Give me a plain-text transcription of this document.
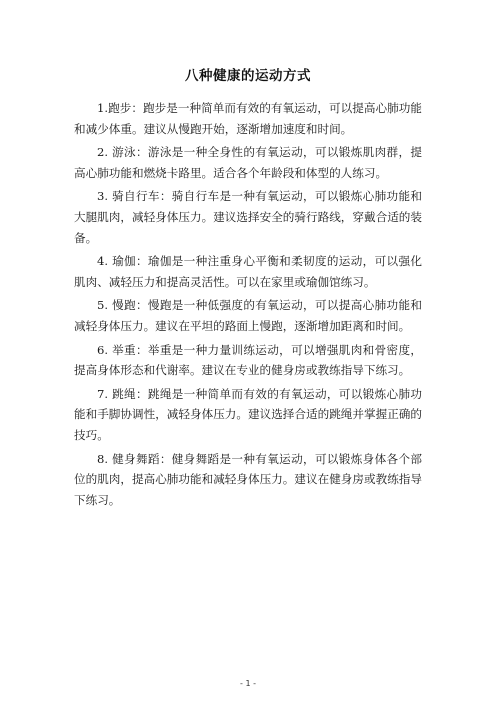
八种健康的运动方式

1.跑步：跑步是一种简单而有效的有氧运动，可以提高心肺功能和减少体重。建议从慢跑开始，逐渐增加速度和时间。

2. 游泳：游泳是一种全身性的有氧运动，可以锻炼肌肉群，提高心肺功能和燃烧卡路里。适合各个年龄段和体型的人练习。

3. 骑自行车：骑自行车是一种有氧运动，可以锻炼心肺功能和大腿肌肉，减轻身体压力。建议选择安全的骑行路线，穿戴合适的装备。

4. 瑜伽：瑜伽是一种注重身心平衡和柔韧度的运动，可以强化肌肉、减轻压力和提高灵活性。可以在家里或瑜伽馆练习。

5. 慢跑：慢跑是一种低强度的有氧运动，可以提高心肺功能和减轻身体压力。建议在平坦的路面上慢跑，逐渐增加距离和时间。

6. 举重：举重是一种力量训练运动，可以增强肌肉和骨密度，提高身体形态和代谢率。建议在专业的健身房或教练指导下练习。

7. 跳绳：跳绳是一种简单而有效的有氧运动，可以锻炼心肺功能和手脚协调性，减轻身体压力。建议选择合适的跳绳并掌握正确的技巧。

8. 健身舞蹈：健身舞蹈是一种有氧运动，可以锻炼身体各个部位的肌肉，提高心肺功能和减轻身体压力。建议在健身房或教练指导下练习。

- 1 -
